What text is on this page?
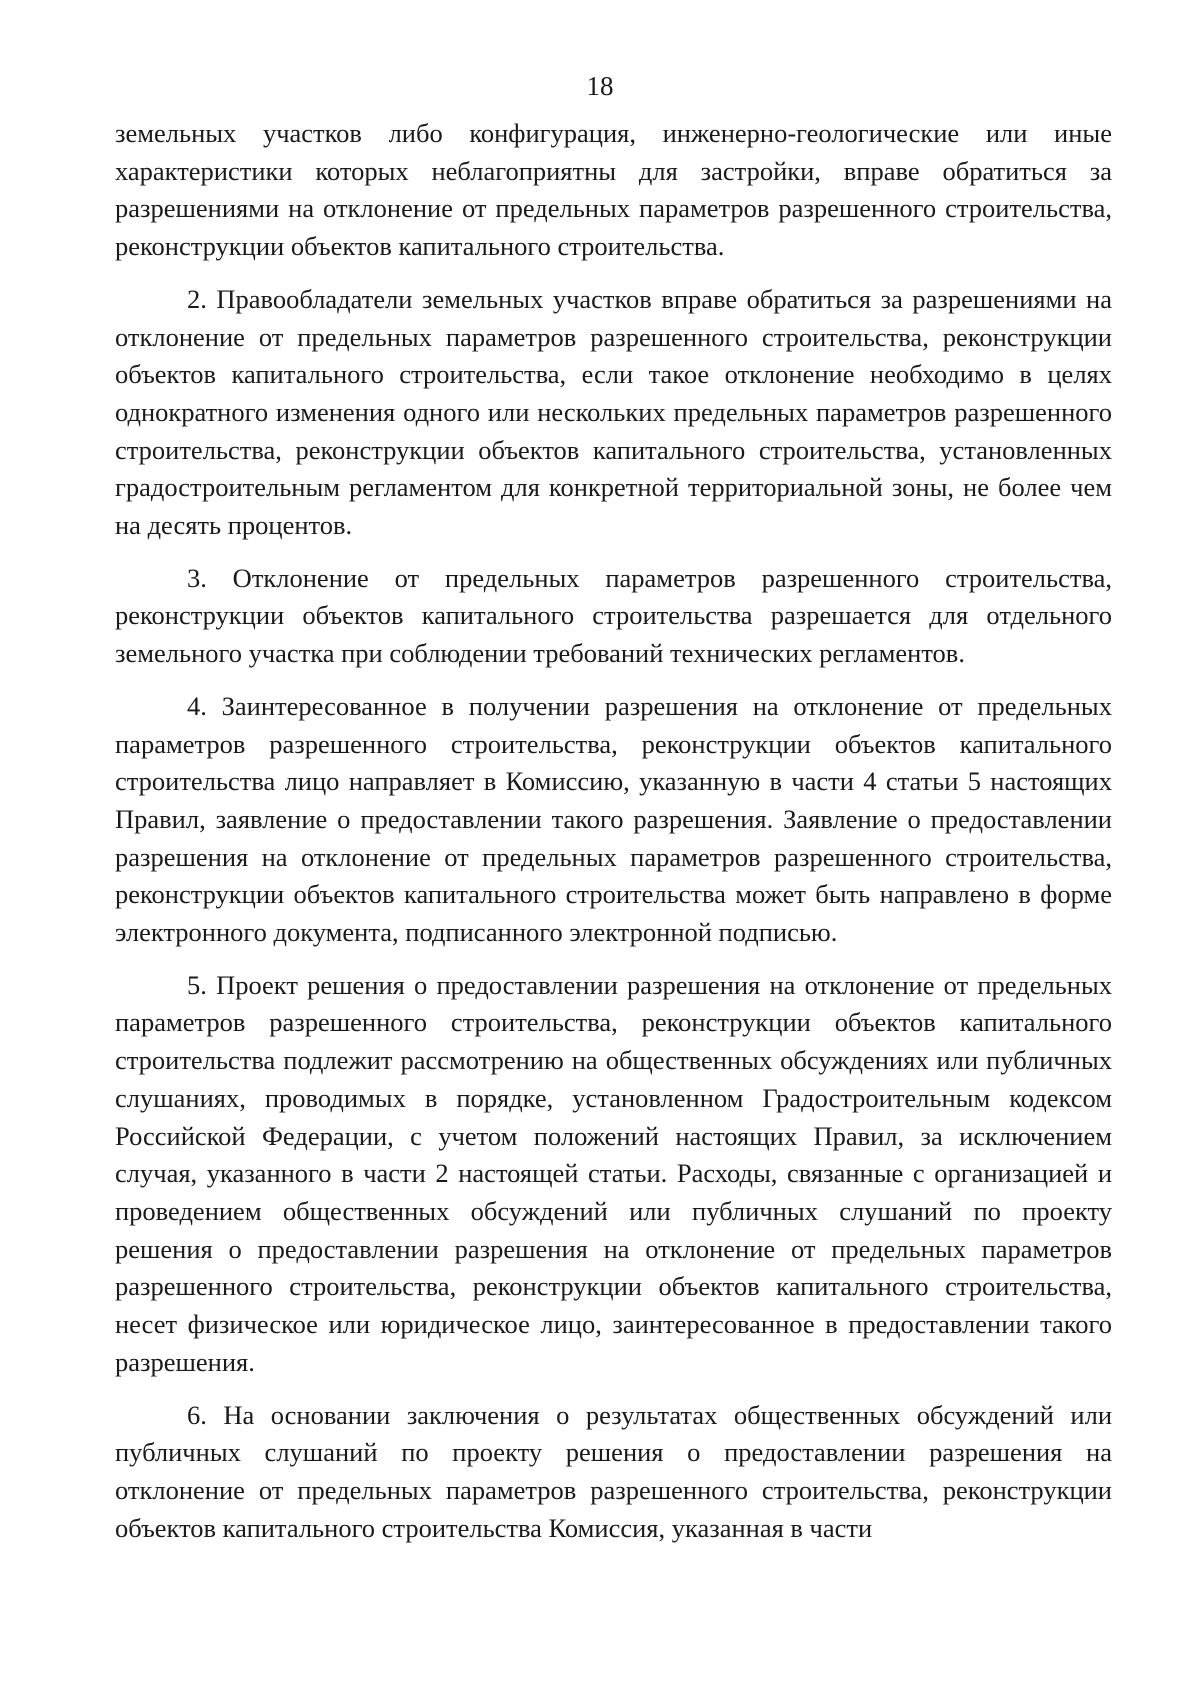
18

земельных участков либо конфигурация, инженерно-геологические или иные характеристики которых неблагоприятны для застройки, вправе обратиться за разрешениями на отклонение от предельных параметров разрешенного строительства, реконструкции объектов капитального строительства.

2. Правообладатели земельных участков вправе обратиться за разрешениями на отклонение от предельных параметров разрешенного строительства, реконструкции объектов капитального строительства, если такое отклонение необходимо в целях однократного изменения одного или нескольких предельных параметров разрешенного строительства, реконструкции объектов капитального строительства, установленных градостроительным регламентом для конкретной территориальной зоны, не более чем на десять процентов.

3. Отклонение от предельных параметров разрешенного строительства, реконструкции объектов капитального строительства разрешается для отдельного земельного участка при соблюдении требований технических регламентов.

4. Заинтересованное в получении разрешения на отклонение от предельных параметров разрешенного строительства, реконструкции объектов капитального строительства лицо направляет в Комиссию, указанную в части 4 статьи 5 настоящих Правил, заявление о предоставлении такого разрешения. Заявление о предоставлении разрешения на отклонение от предельных параметров разрешенного строительства, реконструкции объектов капитального строительства может быть направлено в форме электронного документа, подписанного электронной подписью.

5. Проект решения о предоставлении разрешения на отклонение от предельных параметров разрешенного строительства, реконструкции объектов капитального строительства подлежит рассмотрению на общественных обсуждениях или публичных слушаниях, проводимых в порядке, установленном Градостроительным кодексом Российской Федерации, с учетом положений настоящих Правил, за исключением случая, указанного в части 2 настоящей статьи. Расходы, связанные с организацией и проведением общественных обсуждений или публичных слушаний по проекту решения о предоставлении разрешения на отклонение от предельных параметров разрешенного строительства, реконструкции объектов капитального строительства, несет физическое или юридическое лицо, заинтересованное в предоставлении такого разрешения.

6. На основании заключения о результатах общественных обсуждений или публичных слушаний по проекту решения о предоставлении разрешения на отклонение от предельных параметров разрешенного строительства, реконструкции объектов капитального строительства Комиссия, указанная в части
